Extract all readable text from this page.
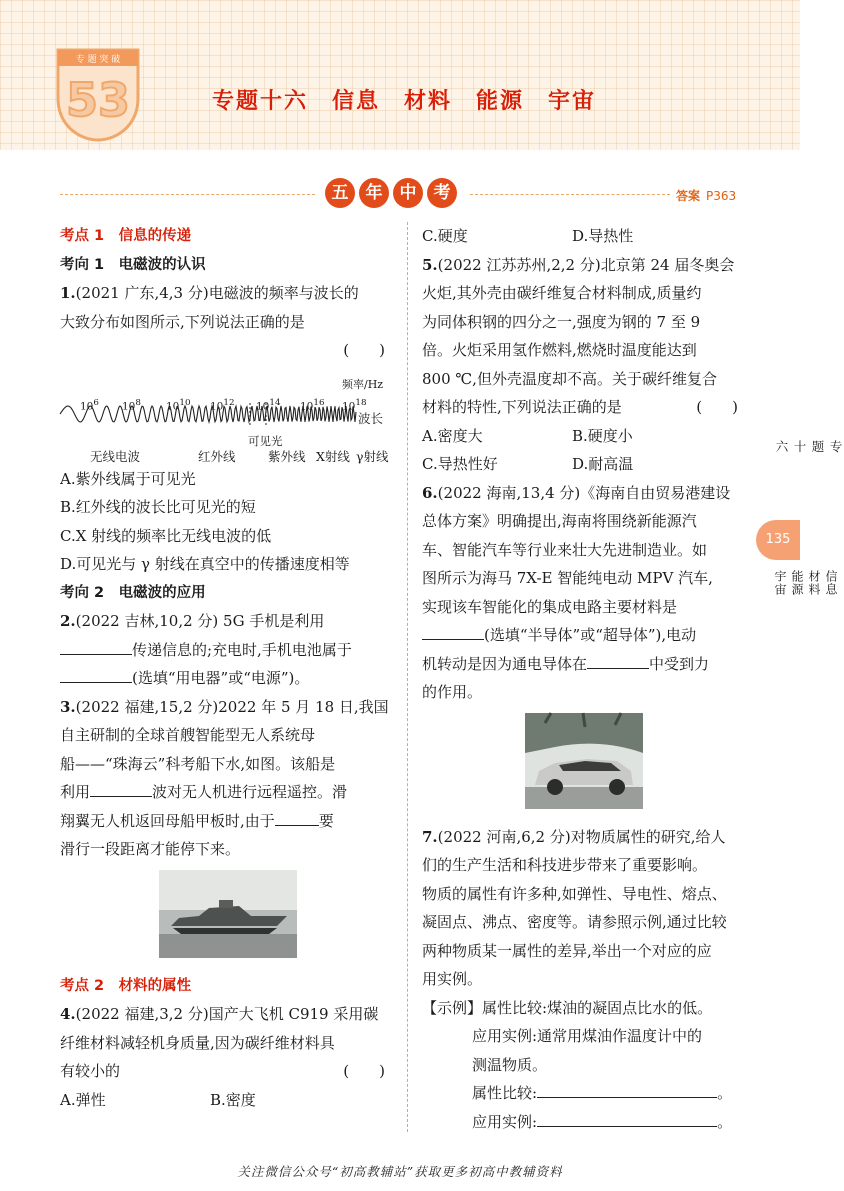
专 题 突 破
53	专题十六　信息　材料　能源　宇宙
五	年	中	考	答案 P363

考点 1　信息的传递

考向 1　电磁波的认识

1.(2021 广东,4,3 分)电磁波的频率与波长的

大致分布如图所示,下列说法正确的是

(　　)

频率/Hz
$10^6$ $10^8$ $10^{10}$ $10^{12}$ $10^{14}$ $10^{16}$ $10^{18}$
波长
可见光
无线电波	红外线	紫外线 X射线 γ射线

A.紫外线属于可见光

B.红外线的波长比可见光的短

C.X 射线的频率比无线电波的低

D.可见光与 γ 射线在真空中的传播速度相等

考向 2　电磁波的应用

2.(2022 吉林,10,2 分) 5G 手机是利用

传递信息的;充电时,手机电池属于

(选填“用电器”或“电源”)。

3.(2022 福建,15,2 分)2022 年 5 月 18 日,我国

自主研制的全球首艘智能型无人系统母

船——“珠海云”科考船下水,如图。该船是

利用	波对无人机进行远程遥控。滑

翔翼无人机返回母船甲板时,由于	要

滑行一段距离才能停下来。

考点 2　材料的属性

4.(2022 福建,3,2 分)国产大飞机 C919 采用碳

纤维材料减轻机身质量,因为碳纤维材料具

有较小的	(　　)

A.弹性	B.密度

C.硬度	D.导热性

5.(2022 江苏苏州,2,2 分)北京第 24 届冬奥会

火炬,其外壳由碳纤维复合材料制成,质量约

为同体积钢的四分之一,强度为钢的 7 至 9

倍。火炬采用氢作燃料,燃烧时温度能达到

800 ℃,但外壳温度却不高。关于碳纤维复合

材料的特性,下列说法正确的是	(　　)

A.密度大	B.硬度小

C.导热性好	D.耐高温

6.(2022 海南,13,4 分)《海南自由贸易港建设

总体方案》明确提出,海南将围绕新能源汽

车、智能汽车等行业来壮大先进制造业。如

图所示为海马 7X-E 智能纯电动 MPV 汽车,

实现该车智能化的集成电路主要材料是

(选填“半导体”或“超导体”),电动

机转动是因为通电导体在	中受到力

的作用。

7.(2022 河南,6,2 分)对物质属性的研究,给人

们的生产生活和科技进步带来了重要影响。

物质的属性有许多种,如弹性、导电性、熔点、

凝固点、沸点、密度等。请参照示例,通过比较

两种物质某一属性的差异,举出一个对应的应

用实例。

【示例】属性比较:煤油的凝固点比水的低。

应用实例:通常用煤油作温度计中的

测温物质。

属性比较:	。

应用实例:	。

专题十六
信息　材料　能源　宇宙
135
关注微信公众号“初高教辅站”获取更多初高中教辅资料
